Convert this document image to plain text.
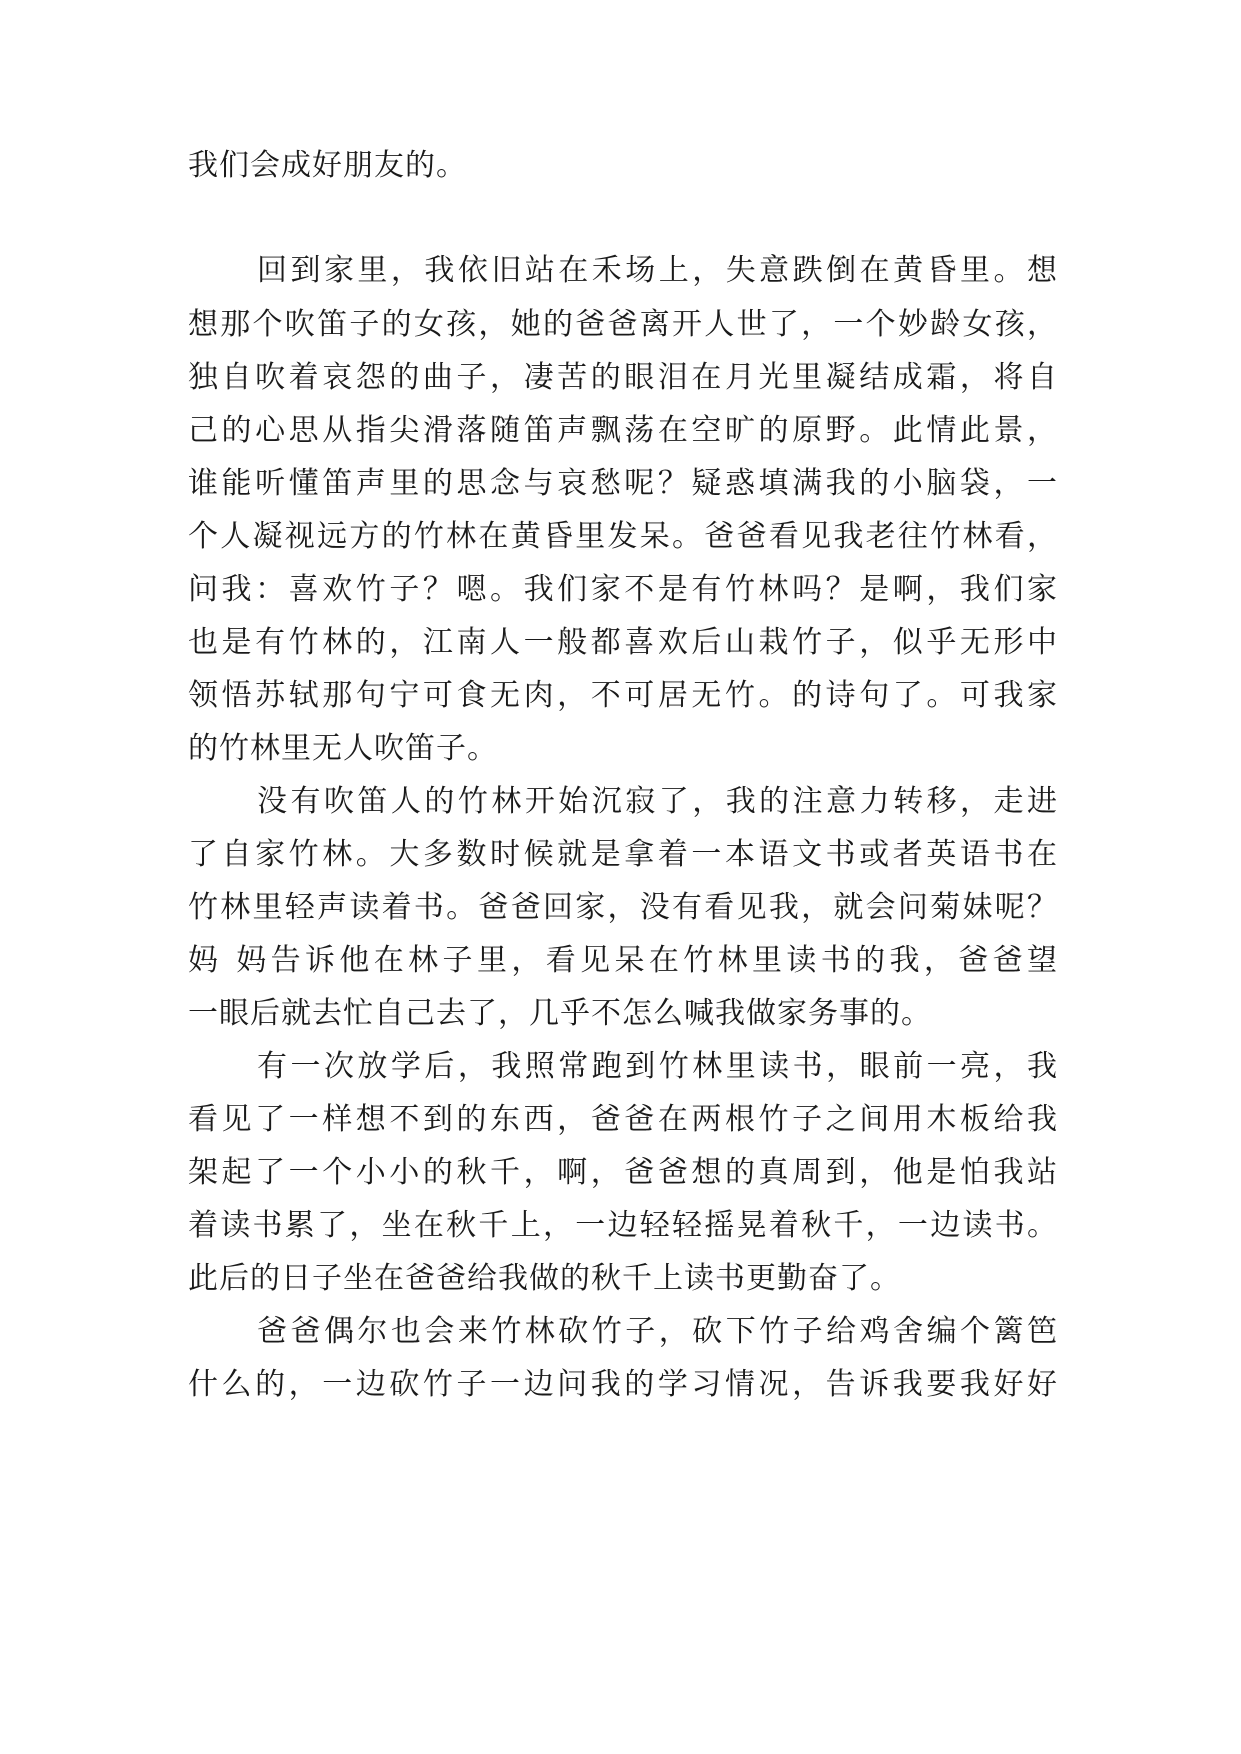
我们会成好朋友的。
回到家里，我依旧站在禾场上，失意跌倒在黄昏里。想
想那个吹笛子的女孩，她的爸爸离开人世了，一个妙龄女孩，
独自吹着哀怨的曲子，凄苦的眼泪在月光里凝结成霜，将自
己的心思从指尖滑落随笛声飘荡在空旷的原野。此情此景，
谁能听懂笛声里的思念与哀愁呢？疑惑填满我的小脑袋，一
个人凝视远方的竹林在黄昏里发呆。爸爸看见我老往竹林看，
问我：喜欢竹子？嗯。我们家不是有竹林吗？是啊，我们家
也是有竹林的，江南人一般都喜欢后山栽竹子，似乎无形中
领悟苏轼那句宁可食无肉，不可居无竹。的诗句了。可我家
的竹林里无人吹笛子。
没有吹笛人的竹林开始沉寂了，我的注意力转移，走进
了自家竹林。大多数时候就是拿着一本语文书或者英语书在
竹林里轻声读着书。爸爸回家，没有看见我，就会问菊妹呢？
妈 妈告诉他在林子里，看见呆在竹林里读书的我，爸爸望
一眼后就去忙自己去了，几乎不怎么喊我做家务事的。
有一次放学后，我照常跑到竹林里读书，眼前一亮，我
看见了一样想不到的东西，爸爸在两根竹子之间用木板给我
架起了一个小小的秋千，啊，爸爸想的真周到，他是怕我站
着读书累了，坐在秋千上，一边轻轻摇晃着秋千，一边读书。
此后的日子坐在爸爸给我做的秋千上读书更勤奋了。
爸爸偶尔也会来竹林砍竹子，砍下竹子给鸡舍编个篱笆
什么的，一边砍竹子一边问我的学习情况，告诉我要我好好
